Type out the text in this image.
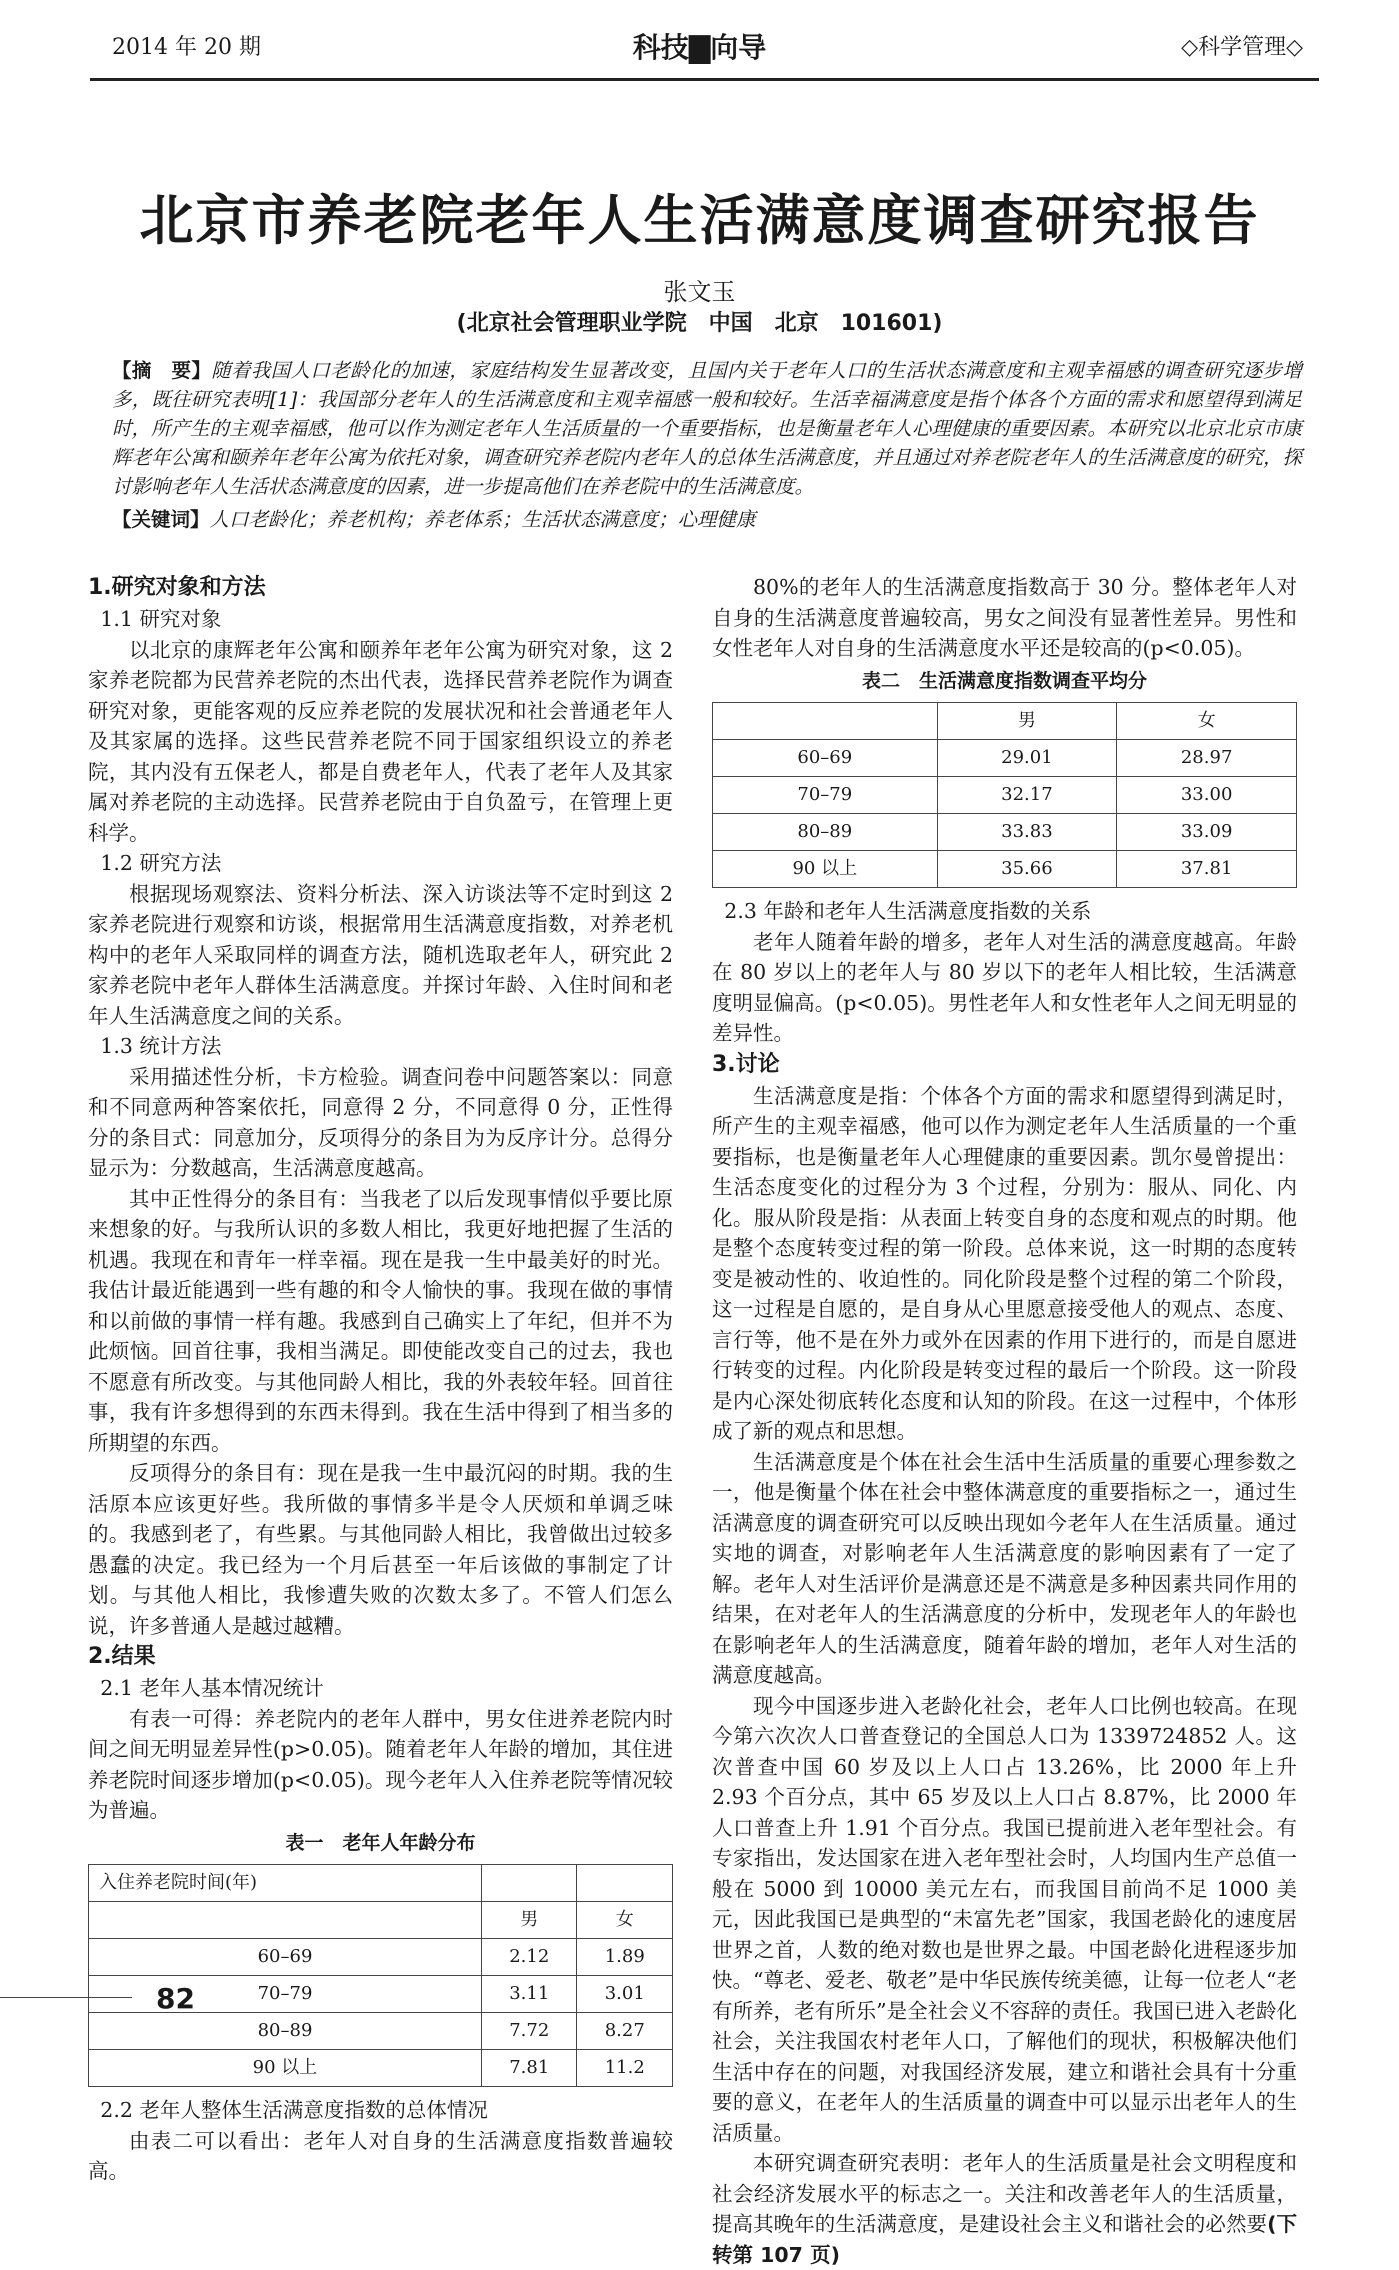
2014 年 20 期	科技▇向导	◇科学管理◇
北京市养老院老年人生活满意度调查研究报告
张文玉
(北京社会管理职业学院　中国　北京　101601)
【摘　要】随着我国人口老龄化的加速，家庭结构发生显著改变，且国内关于老年人口的生活状态满意度和主观幸福感的调查研究逐步增多，既往研究表明[1]：我国部分老年人的生活满意度和主观幸福感一般和较好。生活幸福满意度是指个体各个方面的需求和愿望得到满足时，所产生的主观幸福感，他可以作为测定老年人生活质量的一个重要指标，也是衡量老年人心理健康的重要因素。本研究以北京北京市康辉老年公寓和颐养年老年公寓为依托对象，调查研究养老院内老年人的总体生活满意度，并且通过对养老院老年人的生活满意度的研究，探讨影响老年人生活状态满意度的因素，进一步提高他们在养老院中的生活满意度。
【关键词】人口老龄化；养老机构；养老体系；生活状态满意度；心理健康
1.研究对象和方法
1.1 研究对象

以北京的康辉老年公寓和颐养年老年公寓为研究对象，这 2 家养老院都为民营养老院的杰出代表，选择民营养老院作为调查研究对象，更能客观的反应养老院的发展状况和社会普通老年人及其家属的选择。这些民营养老院不同于国家组织设立的养老院，其内没有五保老人，都是自费老年人，代表了老年人及其家属对养老院的主动选择。民营养老院由于自负盈亏，在管理上更科学。

1.2 研究方法

根据现场观察法、资料分析法、深入访谈法等不定时到这 2 家养老院进行观察和访谈，根据常用生活满意度指数，对养老机构中的老年人采取同样的调查方法，随机选取老年人，研究此 2 家养老院中老年人群体生活满意度。并探讨年龄、入住时间和老年人生活满意度之间的关系。

1.3 统计方法

采用描述性分析，卡方检验。调查问卷中问题答案以：同意和不同意两种答案依托，同意得 2 分，不同意得 0 分，正性得分的条目式：同意加分，反项得分的条目为为反序计分。总得分显示为：分数越高，生活满意度越高。

其中正性得分的条目有：当我老了以后发现事情似乎要比原来想象的好。与我所认识的多数人相比，我更好地把握了生活的机遇。我现在和青年一样幸福。现在是我一生中最美好的时光。我估计最近能遇到一些有趣的和令人愉快的事。我现在做的事情和以前做的事情一样有趣。我感到自己确实上了年纪，但并不为此烦恼。回首往事，我相当满足。即使能改变自己的过去，我也不愿意有所改变。与其他同龄人相比，我的外表较年轻。回首往事，我有许多想得到的东西未得到。我在生活中得到了相当多的所期望的东西。

反项得分的条目有：现在是我一生中最沉闷的时期。我的生活原本应该更好些。我所做的事情多半是令人厌烦和单调乏味的。我感到老了，有些累。与其他同龄人相比，我曾做出过较多愚蠢的决定。我已经为一个月后甚至一年后该做的事制定了计划。与其他人相比，我惨遭失败的次数太多了。不管人们怎么说，许多普通人是越过越糟。

2.结果
2.1 老年人基本情况统计

有表一可得：养老院内的老年人群中，男女住进养老院内时间之间无明显差异性(p>0.05)。随着老年人年龄的增加，其住进养老院时间逐步增加(p<0.05)。现今老年人入住养老院等情况较为普遍。

表一　老年人年龄分布
入住养老院时间(年)		
	男	女
60–69	2.12	1.89
70–79	3.11	3.01
80–89	7.72	8.27
90 以上	7.81	11.2
2.2 老年人整体生活满意度指数的总体情况

由表二可以看出：老年人对自身的生活满意度指数普遍较高。

80%的老年人的生活满意度指数高于 30 分。整体老年人对自身的生活满意度普遍较高，男女之间没有显著性差异。男性和女性老年人对自身的生活满意度水平还是较高的(p<0.05)。

表二　生活满意度指数调查平均分
	男	女
60–69	29.01	28.97
70–79	32.17	33.00
80–89	33.83	33.09
90 以上	35.66	37.81
2.3 年龄和老年人生活满意度指数的关系

老年人随着年龄的增多，老年人对生活的满意度越高。年龄在 80 岁以上的老年人与 80 岁以下的老年人相比较，生活满意度明显偏高。(p<0.05)。男性老年人和女性老年人之间无明显的差异性。

3.讨论

生活满意度是指：个体各个方面的需求和愿望得到满足时，所产生的主观幸福感，他可以作为测定老年人生活质量的一个重要指标，也是衡量老年人心理健康的重要因素。凯尔曼曾提出：生活态度变化的过程分为 3 个过程，分别为：服从、同化、内化。服从阶段是指：从表面上转变自身的态度和观点的时期。他是整个态度转变过程的第一阶段。总体来说，这一时期的态度转变是被动性的、收迫性的。同化阶段是整个过程的第二个阶段，这一过程是自愿的，是自身从心里愿意接受他人的观点、态度、言行等，他不是在外力或外在因素的作用下进行的，而是自愿进行转变的过程。内化阶段是转变过程的最后一个阶段。这一阶段是内心深处彻底转化态度和认知的阶段。在这一过程中，个体形成了新的观点和思想。

生活满意度是个体在社会生活中生活质量的重要心理参数之一，他是衡量个体在社会中整体满意度的重要指标之一，通过生活满意度的调查研究可以反映出现如今老年人在生活质量。通过实地的调查，对影响老年人生活满意度的影响因素有了一定了解。老年人对生活评价是满意还是不满意是多种因素共同作用的结果，在对老年人的生活满意度的分析中，发现老年人的年龄也在影响老年人的生活满意度，随着年龄的增加，老年人对生活的满意度越高。

现今中国逐步进入老龄化社会，老年人口比例也较高。在现今第六次次人口普查登记的全国总人口为 1339724852 人。这次普查中国 60 岁及以上人口占 13.26%，比 2000 年上升 2.93 个百分点，其中 65 岁及以上人口占 8.87%，比 2000 年人口普查上升 1.91 个百分点。我国已提前进入老年型社会。有专家指出，发达国家在进入老年型社会时，人均国内生产总值一般在 5000 到 10000 美元左右，而我国目前尚不足 1000 美元，因此我国已是典型的“未富先老”国家，我国老龄化的速度居世界之首，人数的绝对数也是世界之最。中国老龄化进程逐步加快。“尊老、爱老、敬老”是中华民族传统美德，让每一位老人“老有所养，老有所乐”是全社会义不容辞的责任。我国已进入老龄化社会，关注我国农村老年人口，了解他们的现状，积极解决他们生活中存在的问题，对我国经济发展，建立和谐社会具有十分重要的意义，在老年人的生活质量的调查中可以显示出老年人的生活质量。

本研究调查研究表明：老年人的生活质量是社会文明程度和社会经济发展水平的标志之一。关注和改善老年人的生活质量，提高其晚年的生活满意度，是建设社会主义和谐社会的必然要(下转第 107 页)

82
